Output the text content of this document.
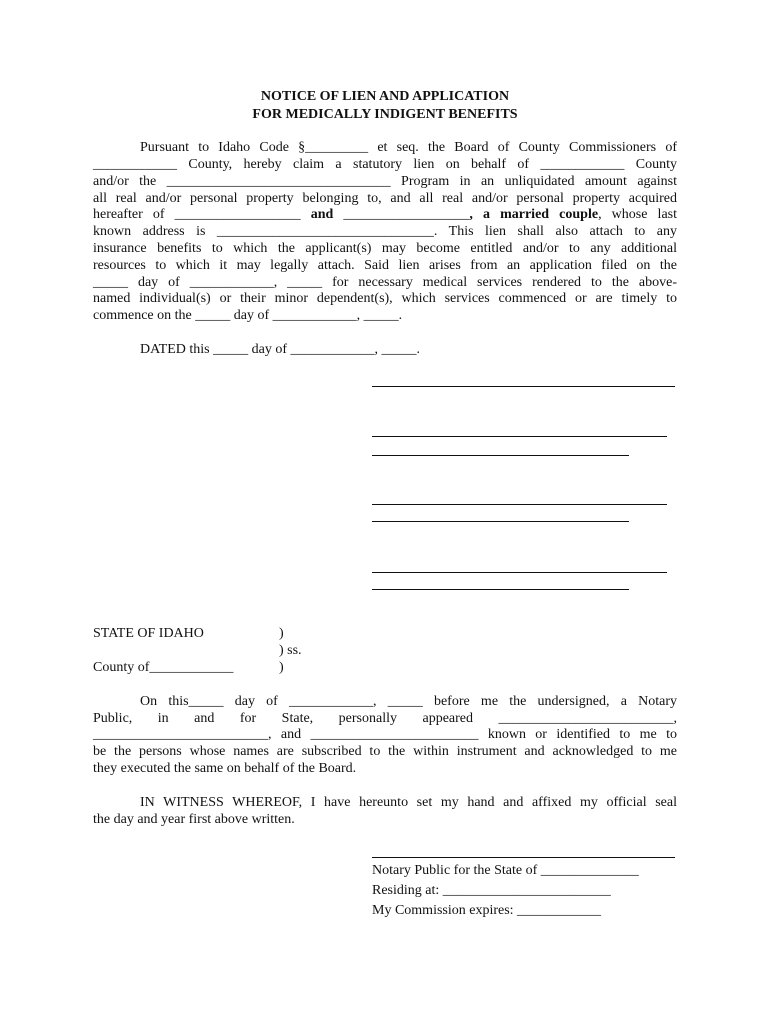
NOTICE OF LIEN AND APPLICATION
FOR MEDICALLY INDIGENT BENEFITS
Pursuant to Idaho Code §_________ et seq. the Board of County Commissioners of
____________ County, hereby claim a statutory lien on behalf of ____________ County
and/or the ________________________________ Program in an unliquidated amount against
all real and/or personal property belonging to, and all real and/or personal property acquired
hereafter of __________________ and __________________, a married couple, whose last
known address is _______________________________. This lien shall also attach to any
insurance benefits to which the applicant(s) may become entitled and/or to any additional
resources to which it may legally attach. Said lien arises from an application filed on the
_____ day of ____________, _____ for necessary medical services rendered to the above-
named individual(s) or their minor dependent(s), which services commenced or are timely to
commence on the _____ day of ____________, _____.
DATED this _____ day of ____________, _____.
STATE OF IDAHO	)
) ss.
County of____________	)
On this_____ day of ____________, _____ before me the undersigned, a Notary
Public, in and for State, personally appeared _________________________,
_________________________, and ________________________ known or identified to me to
be the persons whose names are subscribed to the within instrument and acknowledged to me
they executed the same on behalf of the Board.
IN WITNESS WHEREOF, I have hereunto set my hand and affixed my official seal
the day and year first above written.
Notary Public for the State of ______________
Residing at: ________________________
My Commission expires: ____________
